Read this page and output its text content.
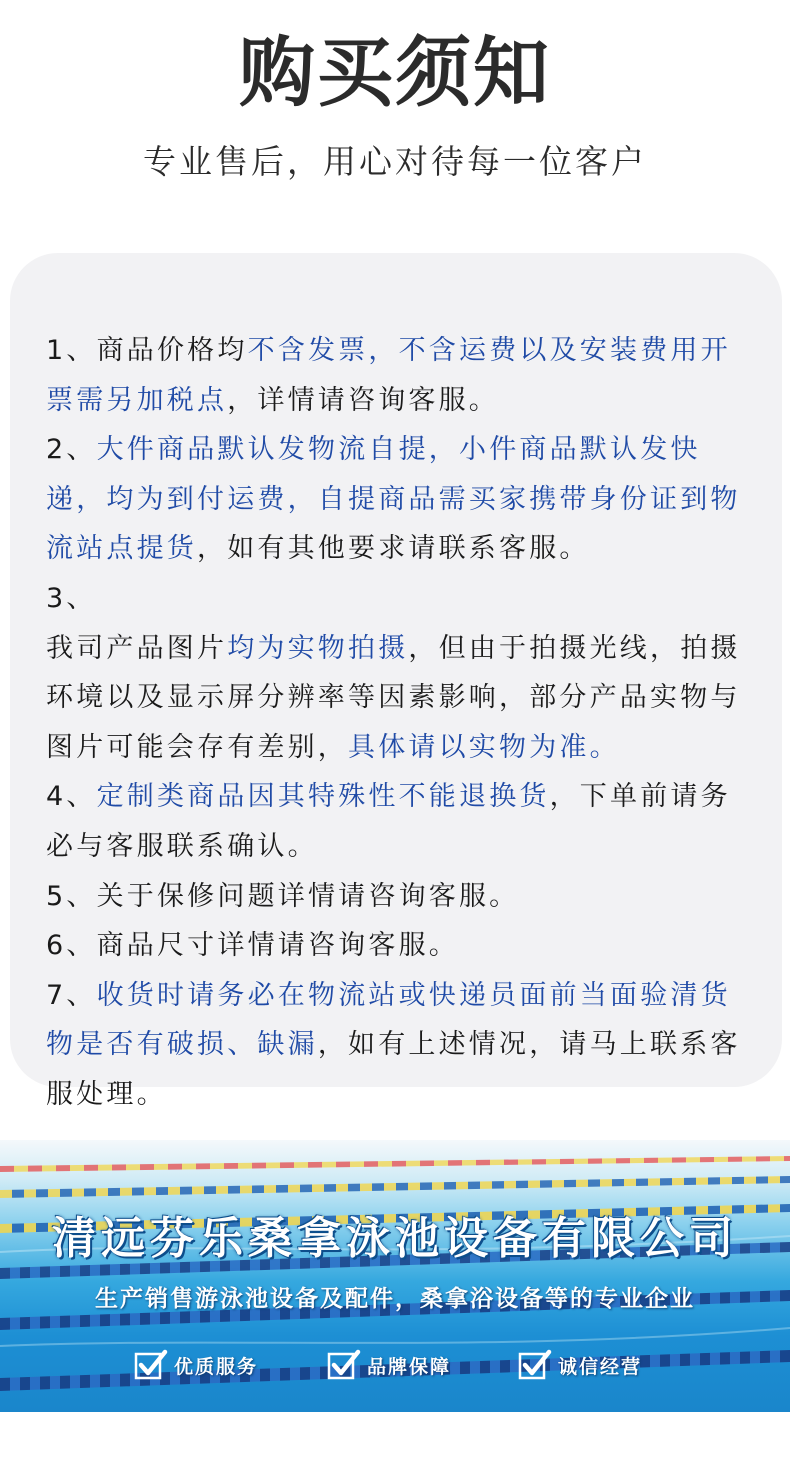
购买须知
专业售后，用心对待每一位客户
1、商品价格均不含发票，不含运费以及安装费用开票需另加税点，详情请咨询客服。
2、大件商品默认发物流自提，小件商品默认发快递，均为到付运费，自提商品需买家携带身份证到物流站点提货，如有其他要求请联系客服。
3、
我司产品图片均为实物拍摄，但由于拍摄光线，拍摄环境以及显示屏分辨率等因素影响，部分产品实物与图片可能会存有差别，具体请以实物为准。
4、定制类商品因其特殊性不能退换货，下单前请务必与客服联系确认。
5、关于保修问题详情请咨询客服。
6、商品尺寸详情请咨询客服。
7、收货时请务必在物流站或快递员面前当面验清货物是否有破损、缺漏，如有上述情况，请马上联系客服处理。
清远芬乐桑拿泳池设备有限公司
生产销售游泳池设备及配件，桑拿浴设备等的专业企业
优质服务	品牌保障	诚信经营
